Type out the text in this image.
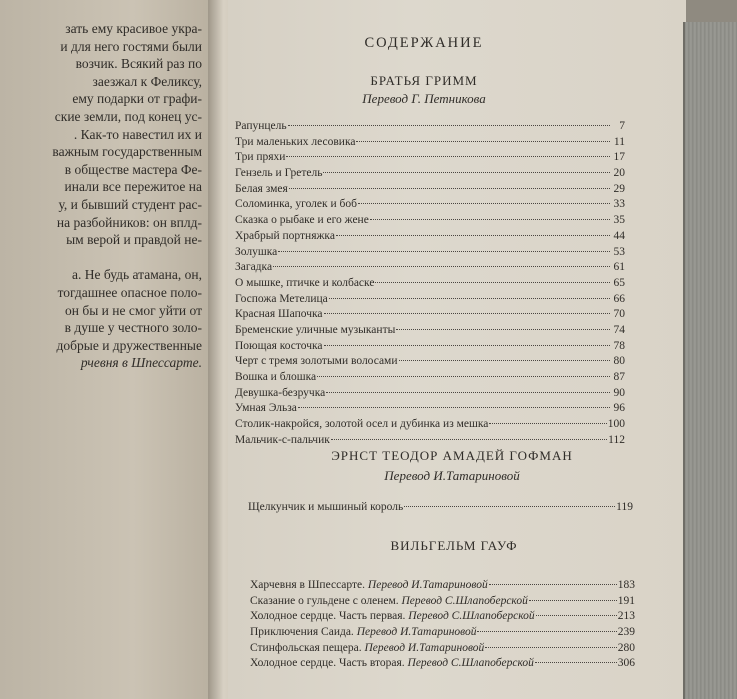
зать ему красивое укра-
и для него гостями были
возчик. Всякий раз по
заезжал к Феликсу,
ему подарки от графи-
ские земли, под конец ус-
. Как-то навестил их и
важным государственным
в обществе мастера Фе-
инали все пережитое на
у, и бывший студент рас-
на разбойников: он вплд-
ым верой и правдой не-

а. Не будь атамана, он,
тогдашнее опасное поло-
он бы и не смог уйти от
в душе у честного золо-
добрые и дружественные
рчевня в Шпессарте.
СОДЕРЖАНИЕ
БРАТЬЯ ГРИММ
Перевод Г. Петникова
Рапунцель	7
Три маленьких лесовика	11
Три пряхи	17
Гензель и Гретель	20
Белая змея	29
Соломинка, уголек и боб	33
Сказка о рыбаке и его жене	35
Храбрый портняжка	44
Золушка	53
Загадка	61
О мышке, птичке и колбаске	65
Госпожа Метелица	66
Красная Шапочка	70
Бременские уличные музыканты	74
Поющая косточка	78
Черт с тремя золотыми волосами	80
Вошка и блошка	87
Девушка-безручка	90
Умная Эльза	96
Столик-накройся, золотой осел и дубинка из мешка	100
Мальчик-с-пальчик	112
ЭРНСТ ТЕОДОР АМАДЕЙ ГОФМАН
Перевод И.Татариновой
Щелкунчик и мышиный король	119
ВИЛЬГЕЛЬМ ГАУФ
Харчевня в Шпессарте. Перевод И.Татариновой	183
Сказание о гульдене с оленем. Перевод С.Шлапоберской	191
Холодное сердце. Часть первая. Перевод С.Шлапоберской	213
Приключения Саида. Перевод И.Татариновой	239
Стинфольская пещера. Перевод И.Татариновой	280
Холодное сердце. Часть вторая. Перевод С.Шлапоберской	306
